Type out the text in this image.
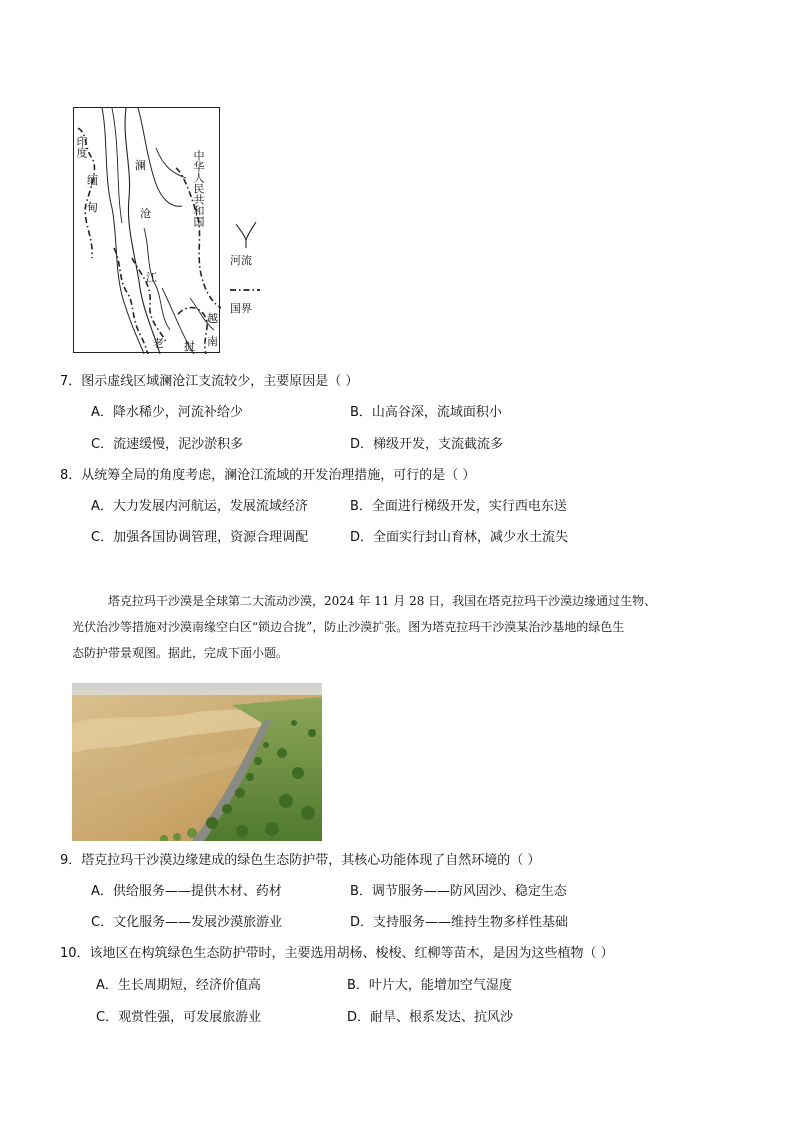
印度
缅
甸
澜
沧
江
中华人民共和国
越
南
老 挝
河流
国界
7．图示虚线区域澜沧江支流较少，主要原因是（ ）
A．降水稀少，河流补给少	B．山高谷深，流域面积小
C．流速缓慢，泥沙淤积多	D．梯级开发，支流截流多
8．从统筹全局的角度考虑，澜沧江流域的开发治理措施，可行的是（ ）
A．大力发展内河航运，发展流域经济	B．全面进行梯级开发，实行西电东送
C．加强各国协调管理，资源合理调配	D．全面实行封山育林，减少水土流失
塔克拉玛干沙漠是全球第二大流动沙漠，2024 年 11 月 28 日，我国在塔克拉玛干沙漠边缘通过生物、
光伏治沙等措施对沙漠南缘空白区“锁边合拢”，防止沙漠扩张。图为塔克拉玛干沙漠某治沙基地的绿色生
态防护带景观图。据此，完成下面小题。
9．塔克拉玛干沙漠边缘建成的绿色生态防护带，其核心功能体现了自然环境的（ ）
A．供给服务——提供木材、药材	B．调节服务——防风固沙、稳定生态
C．文化服务——发展沙漠旅游业	D．支持服务——维持生物多样性基础
10．该地区在构筑绿色生态防护带时，主要选用胡杨、梭梭、红柳等苗木，是因为这些植物（ ）
A．生长周期短，经济价值高	B．叶片大，能增加空气湿度
C．观赏性强，可发展旅游业	D．耐旱、根系发达、抗风沙
